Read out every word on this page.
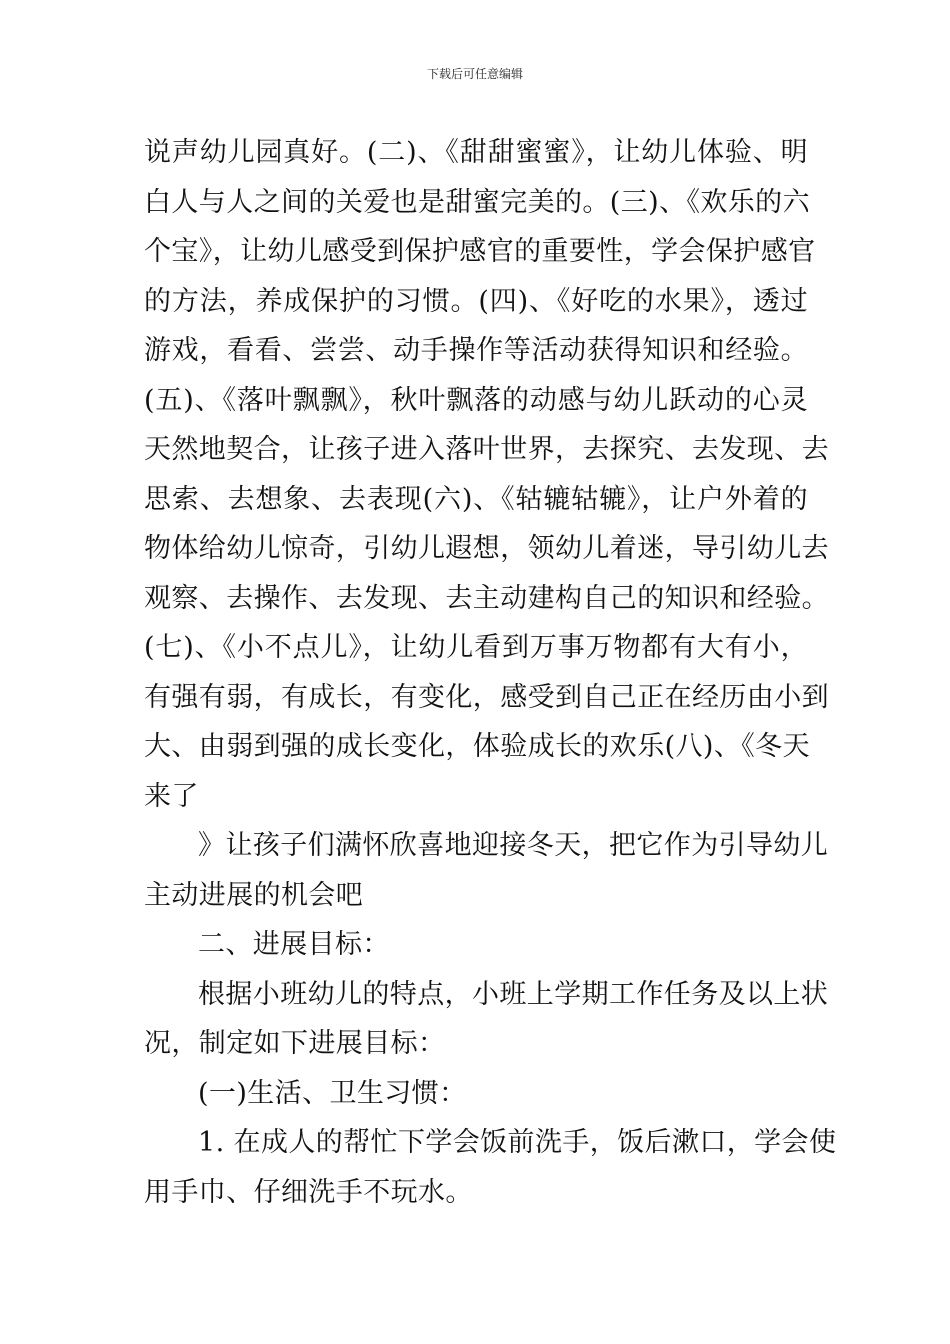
下载后可任意编辑
说声幼儿园真好。(二)、《甜甜蜜蜜》，让幼儿体验、明
白人与人之间的关爱也是甜蜜完美的。(三)、《欢乐的六
个宝》，让幼儿感受到保护感官的重要性，学会保护感官
的方法，养成保护的习惯。(四)、《好吃的水果》，透过
游戏，看看、尝尝、动手操作等活动获得知识和经验。
(五)、《落叶飘飘》，秋叶飘落的动感与幼儿跃动的心灵
天然地契合，让孩子进入落叶世界，去探究、去发现、去
思索、去想象、去表现(六)、《轱辘轱辘》，让户外着的
物体给幼儿惊奇，引幼儿遐想，领幼儿着迷，导引幼儿去
观察、去操作、去发现、去主动建构自己的知识和经验。
(七)、《小不点儿》，让幼儿看到万事万物都有大有小，
有强有弱，有成长，有变化，感受到自己正在经历由小到
大、由弱到强的成长变化，体验成长的欢乐(八)、《冬天
来了
》让孩子们满怀欣喜地迎接冬天，把它作为引导幼儿
主动进展的机会吧
二、进展目标：
根据小班幼儿的特点，小班上学期工作任务及以上状
况，制定如下进展目标：
(一)生活、卫生习惯：
1. 在成人的帮忙下学会饭前洗手，饭后漱口，学会使
用手巾、仔细洗手不玩水。
